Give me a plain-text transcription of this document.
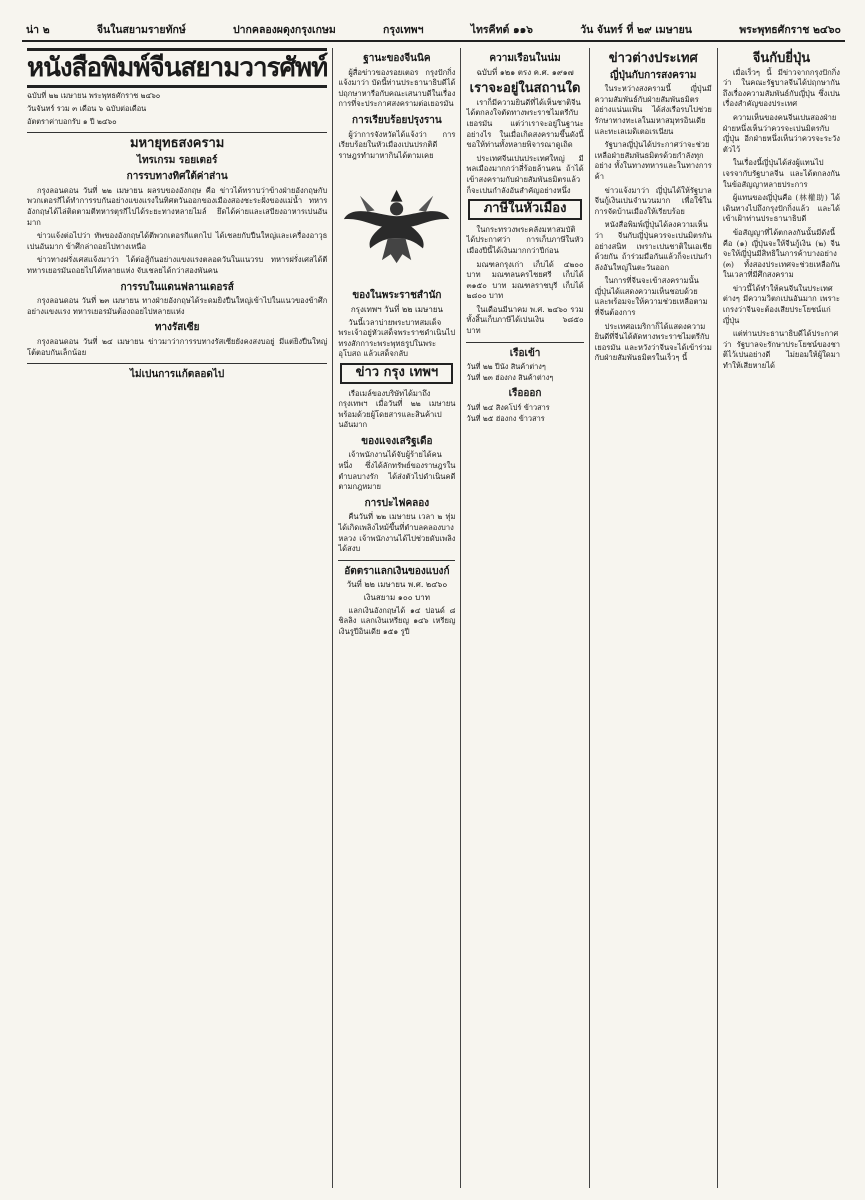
น่า ๒	จีนในสยามรายทักษ์	ปากคลองผดุงกรุงเกษม	กรุงเทพฯ	ไทรคีทต์ ๑๑๖	วัน จันทร์ ที่ ๒๙ เมษายน	พระพุทธศักราช ๒๔๖๐
หนังสือพิมพ์จีนสยามวารศัพท์
ฉบับที่ ๒๒ เมษายน พระพุทธศักราช ๒๔๖๐
วันจันทร์ รวม ๓ เดือน ๖ ฉบับต่อเดือน
อัตตราค่าบอกรับ ๑ ปี ๒๔๖๐
มหายุทธสงคราม
ไทรเกรม รอยเตอร์
การรบทางทิศใต้ค่าส่าน

กรุงลอนดอน วันที่ ๒๒ เมษายน ผลรบของอังกฤษ คือ ข่าวได้ทราบว่าข้างฝ่ายอังกฤษกับพวกเตอรกีได้ทำการรบกันอย่างแขงแรงในทิศตวันออกของเมืองสองชะระฝั่งของแม่น้ำ ทหารอังกฤษได้ไล่ติดตามตีทหารตุรกีไปได้ระยะทางหลายไมล์ ยึดได้ค่ายและเสบียงอาหารเปนอันมาก

ข่าวแจ้งต่อไปว่า ทัพของอังกฤษได้ตีพวกเตอรกีแตกไป ได้เชลยกับปืนใหญ่และเครื่องอาวุธเปนอันมาก ข้าศึกล่าถอยไปทางเหนือ

ข่าวทางฝรั่งเศสแจ้งมาว่า ได้ต่อสู้กันอย่างแขงแรงตลอดวันในแนวรบ ทหารฝรั่งเศสได้ตีทหารเยอรมันถอยไปได้หลายแห่ง จับเชลยได้กว่าสองพันคน

การรบในแดนฟลานเดอรส์

กรุงลอนดอน วันที่ ๒๓ เมษายน ทางฝ่ายอังกฤษได้ระดมยิงปืนใหญ่เข้าไปในแนวของข้าศึกอย่างแขงแรง ทหารเยอรมันต้องถอยไปหลายแห่ง

ทางรัสเซีย

กรุงลอนดอน วันที่ ๒๔ เมษายน ข่าวมาว่าการรบทางรัสเซียยังคงสงบอยู่ มีแต่ยิงปืนใหญ่โต้ตอบกันเล็กน้อย

ไม่เปนการแก้ตลอดไป
ฐานะของจีนนิค

ผู้สื่อข่าวของรอยเตอร กรุงปักกิ่งแจ้งมาว่า บัดนี้ท่านประธานาธิบดีได้ปฤกษาหารือกับคณะเสนาบดีในเรื่องการที่จะประกาศสงครามต่อเยอรมัน

การเรียบร้อยปรุงราน

ผู้ว่าการจังหวัดได้แจ้งว่า การเรียบร้อยในหัวเมืองเปนปรกติดี ราษฎรทำมาหากินได้ตามเคย

ของในพระราชสำนัก
กรุงเทพฯ วันที่ ๒๒ เมษายน

วันนี้เวลาบ่ายพระบาทสมเด็จพระเจ้าอยู่หัวเสด็จพระราชดำเนินไปทรงสักการะพระพุทธรูปในพระอุโบสถ แล้วเสด็จกลับ

ข่าว กรุง เทพฯ

เรือเมล์ของบริษัทได้มาถึงกรุงเทพฯ เมื่อวันที่ ๒๒ เมษายน พร้อมด้วยผู้โดยสารและสินค้าเปนอันมาก

ของแจงเสริฐเดือ

เจ้าพนักงานได้จับผู้ร้ายได้คนหนึ่ง ซึ่งได้ลักทรัพย์ของราษฎรในตำบลบางรัก ได้ส่งตัวไปดำเนินคดีตามกฎหมาย

การปะไฟคลอง

คืนวันที่ ๒๒ เมษายน เวลา ๒ ทุ่ม ได้เกิดเพลิงไหม้ขึ้นที่ตำบลคลองบางหลวง เจ้าพนักงานได้ไปช่วยดับเพลิงได้สงบ

อัตตราแลกเงินของแบงก์
วันที่ ๒๒ เมษายน พ.ศ. ๒๔๖๐
เงินสยาม ๑๐๐ บาท

แลกเงินอังกฤษได้ ๑๔ ปอนด์ ๘ ชิลลิง แลกเงินเหรียญ ๑๔๖ เหรียญ เงินรูปีอินเดีย ๑๕๑ รูปี

ความเรือนในน่ม
ฉบับที่ ๑๒๑ ตรง ค.ศ. ๑๙๑๗
เราจะอยู่ในสถานใด

เราก็มีความยินดีที่ได้เห็นชาติจีนได้ตกลงใจตัดทางพระราชไมตรีกับเยอรมัน แต่ว่าเราจะอยู่ในฐานะอย่างไร ในเมื่อเกิดสงครามขึ้นดังนี้ ขอให้ท่านทั้งหลายพิจารณาดูเถิด

ประเทศจีนเปนประเทศใหญ่ มีพลเมืองมากกว่าสี่ร้อยล้านคน ถ้าได้เข้าสงครามกับฝ่ายสัมพันธมิตรแล้ว ก็จะเปนกำลังอันสำคัญอย่างหนึ่ง

ภาษีในหัวเมือง

ในกระทรวงพระคลังมหาสมบัติ ได้ประกาศว่า การเก็บภาษีในหัวเมืองปีนี้ได้เงินมากกว่าปีก่อน

มณฑลกรุงเก่า เก็บได้ ๔๒๐๐ บาท มณฑลนครไชยศรี เก็บได้ ๓๑๕๐ บาท มณฑลราชบุรี เก็บได้ ๒๘๐๐ บาท

ในเดือนมีนาคม พ.ศ. ๒๔๖๐ รวมทั้งสิ้นเก็บภาษีได้เปนเงิน ๖๘๕๐ บาท

เรือเข้า
วันที่ ๒๒ ปีนัง สินค้าต่างๆ
วันที่ ๒๓ ฮ่องกง สินค้าต่างๆ
เรือออก
วันที่ ๒๔ สิงคโปร์ ข้าวสาร
วันที่ ๒๕ ฮ่องกง ข้าวสาร
ข่าวต่างประเทศ
ญี่ปุ่นกับการสงคราม

ในระหว่างสงครามนี้ ญี่ปุ่นมีความสัมพันธ์กับฝ่ายสัมพันธมิตรอย่างแน่นแฟ้น ได้ส่งเรือรบไปช่วยรักษาทางทะเลในมหาสมุทรอินเดียและทะเลเมดิเตอเรเนียน

รัฐบาลญี่ปุ่นได้ประกาศว่าจะช่วยเหลือฝ่ายสัมพันธมิตรด้วยกำลังทุกอย่าง ทั้งในทางทหารและในทางการค้า

ข่าวแจ้งมาว่า ญี่ปุ่นได้ให้รัฐบาลจีนกู้เงินเปนจำนวนมาก เพื่อใช้ในการจัดบ้านเมืองให้เรียบร้อย

หนังสือพิมพ์ญี่ปุ่นได้ลงความเห็นว่า จีนกับญี่ปุ่นควรจะเปนมิตรกันอย่างสนิท เพราะเปนชาติในเอเชียด้วยกัน ถ้าร่วมมือกันแล้วก็จะเปนกำลังอันใหญ่ในตะวันออก

ในการที่จีนจะเข้าสงครามนั้น ญี่ปุ่นได้แสดงความเห็นชอบด้วย และพร้อมจะให้ความช่วยเหลือตามที่จีนต้องการ

ประเทศอเมริกาก็ได้แสดงความยินดีที่จีนได้ตัดทางพระราชไมตรีกับเยอรมัน และหวังว่าจีนจะได้เข้าร่วมกับฝ่ายสัมพันธมิตรในเร็วๆ นี้

จีนกับยี่ปุ่น

เมื่อเร็วๆ นี้ มีข่าวจากกรุงปักกิ่งว่า ในคณะรัฐบาลจีนได้ปฤกษากันถึงเรื่องความสัมพันธ์กับญี่ปุ่น ซึ่งเปนเรื่องสำคัญของประเทศ

ความเห็นของคนจีนเปนสองฝ่าย ฝ่ายหนึ่งเห็นว่าควรจะเปนมิตรกับญี่ปุ่น อีกฝ่ายหนึ่งเห็นว่าควรจะระวังตัวไว้

ในเรื่องนี้ญี่ปุ่นได้ส่งผู้แทนไปเจรจากับรัฐบาลจีน และได้ตกลงกันในข้อสัญญาหลายประการ

ผู้แทนของญี่ปุ่นคือ (林權助) ได้เดินทางไปถึงกรุงปักกิ่งแล้ว และได้เข้าเฝ้าท่านประธานาธิบดี

ข้อสัญญาที่ได้ตกลงกันนั้นมีดังนี้ คือ (๑) ญี่ปุ่นจะให้จีนกู้เงิน (๒) จีนจะให้ญี่ปุ่นมีสิทธิในการค้าบางอย่าง (๓) ทั้งสองประเทศจะช่วยเหลือกันในเวลาที่มีศึกสงคราม

ข่าวนี้ได้ทำให้คนจีนในประเทศต่างๆ มีความวิตกเปนอันมาก เพราะเกรงว่าจีนจะต้องเสียประโยชน์แก่ญี่ปุ่น

แต่ท่านประธานาธิบดีได้ประกาศว่า รัฐบาลจะรักษาประโยชน์ของชาติไว้เปนอย่างดี ไม่ยอมให้ผู้ใดมาทำให้เสียหายได้
